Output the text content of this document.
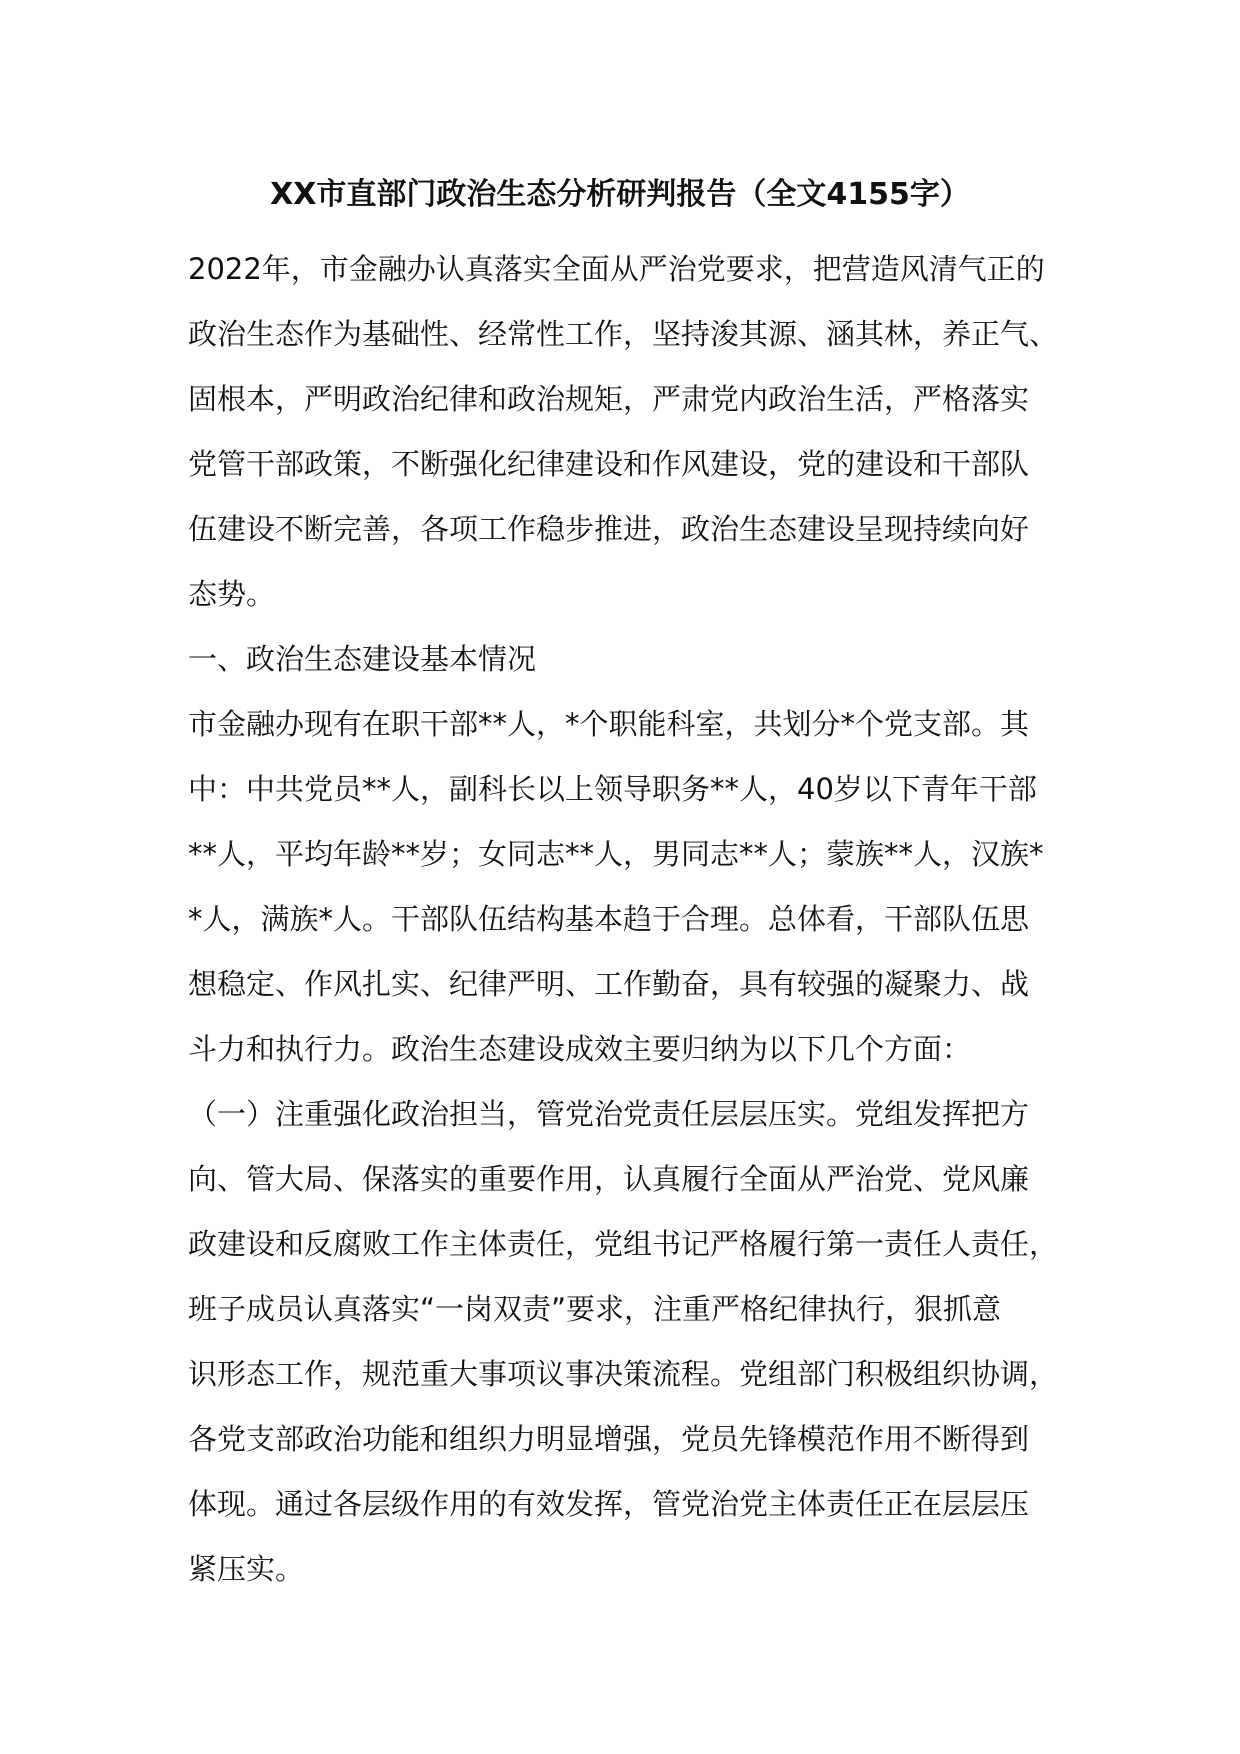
XX市直部门政治生态分析研判报告（全文4155字）
2022年，市金融办认真落实全面从严治党要求，把营造风清气正的
政治生态作为基础性、经常性工作，坚持浚其源、涵其林，养正气、
固根本，严明政治纪律和政治规矩，严肃党内政治生活，严格落实
党管干部政策，不断强化纪律建设和作风建设，党的建设和干部队
伍建设不断完善，各项工作稳步推进，政治生态建设呈现持续向好
态势。
一、政治生态建设基本情况
市金融办现有在职干部**人，*个职能科室，共划分*个党支部。其
中：中共党员**人，副科长以上领导职务**人，40岁以下青年干部
**人，平均年龄**岁；女同志**人，男同志**人；蒙族**人，汉族*
*人，满族*人。干部队伍结构基本趋于合理。总体看，干部队伍思
想稳定、作风扎实、纪律严明、工作勤奋，具有较强的凝聚力、战
斗力和执行力。政治生态建设成效主要归纳为以下几个方面：
（一）注重强化政治担当，管党治党责任层层压实。党组发挥把方
向、管大局、保落实的重要作用，认真履行全面从严治党、党风廉
政建设和反腐败工作主体责任，党组书记严格履行第一责任人责任，
班子成员认真落实“一岗双责”要求，注重严格纪律执行，狠抓意
识形态工作，规范重大事项议事决策流程。党组部门积极组织协调，
各党支部政治功能和组织力明显增强，党员先锋模范作用不断得到
体现。通过各层级作用的有效发挥，管党治党主体责任正在层层压
紧压实。
